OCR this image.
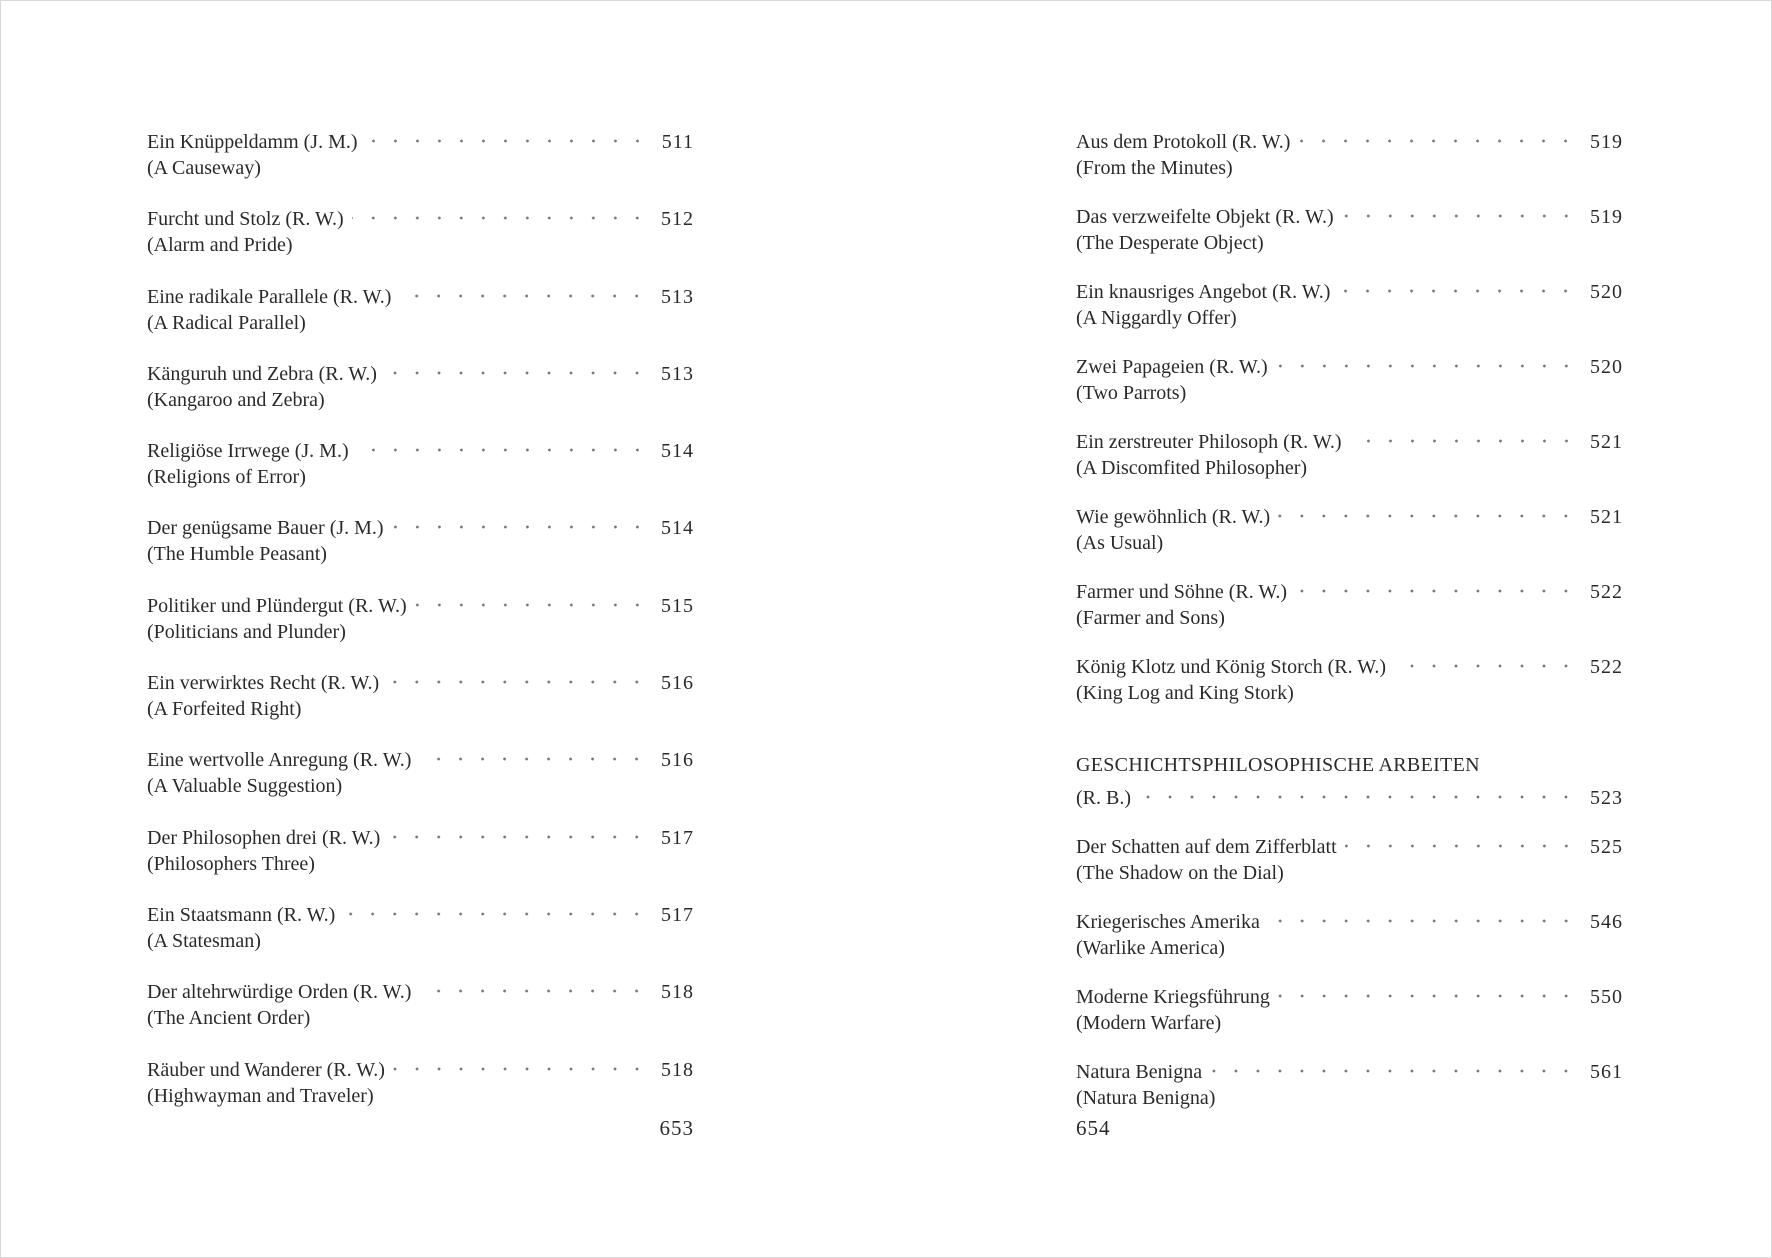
Ein Knüppeldamm (J. M.)	511
(A Causeway)
Furcht und Stolz (R. W.)	512
(Alarm and Pride)
Eine radikale Parallele (R. W.)	513
(A Radical Parallel)
Känguruh und Zebra (R. W.)	513
(Kangaroo and Zebra)
Religiöse Irrwege (J. M.)	514
(Religions of Error)
Der genügsame Bauer (J. M.)	514
(The Humble Peasant)
Politiker und Plündergut (R. W.)	515
(Politicians and Plunder)
Ein verwirktes Recht (R. W.)	516
(A Forfeited Right)
Eine wertvolle Anregung (R. W.)	516
(A Valuable Suggestion)
Der Philosophen drei (R. W.)	517
(Philosophers Three)
Ein Staatsmann (R. W.)	517
(A Statesman)
Der altehrwürdige Orden (R. W.)	518
(The Ancient Order)
Räuber und Wanderer (R. W.)	518
(Highwayman and Traveler)
Aus dem Protokoll (R. W.)	519
(From the Minutes)
Das verzweifelte Objekt (R. W.)	519
(The Desperate Object)
Ein knausriges Angebot (R. W.)	520
(A Niggardly Offer)
Zwei Papageien (R. W.)	520
(Two Parrots)
Ein zerstreuter Philosoph (R. W.)	521
(A Discomfited Philosopher)
Wie gewöhnlich (R. W.)	521
(As Usual)
Farmer und Söhne (R. W.)	522
(Farmer and Sons)
König Klotz und König Storch (R. W.)	522
(King Log and King Stork)
GESCHICHTSPHILOSOPHISCHE ARBEITEN
(R. B.)	523
Der Schatten auf dem Zifferblatt	525
(The Shadow on the Dial)
Kriegerisches Amerika	546
(Warlike America)
Moderne Kriegsführung	550
(Modern Warfare)
Natura Benigna	561
(Natura Benigna)
653	654
